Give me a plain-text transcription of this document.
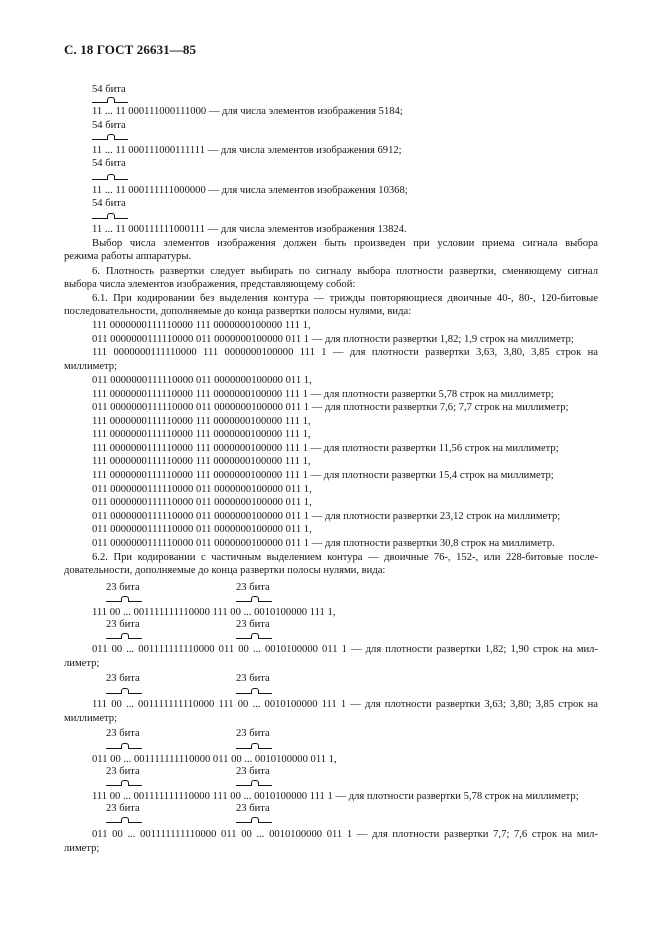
С. 18 ГОСТ 26631—85
54 бита
11 ... 11 000111000111000 — для числа элементов изображения 5184;
54 бита
11 ... 11 000111000111111 — для числа элементов изображения 6912;
54 бита
11 ... 11 000111111000000 — для числа элементов изображения 10368;
54 бита
11 ... 11 000111111000111 — для числа элементов изображения 13824.
Выбор числа элементов изображения должен быть произведен при условии приема сигнала выбора
режима работы аппаратуры.
6. Плотность развертки следует выбирать по сигналу выбора плотности развертки, сменяющему сигнал
выбора числа элементов изображения, представляющему собой:
6.1. При кодировании без выделения контура — трижды повторяющиеся двоичные 40-, 80-, 120-битовые
последовательности, дополняемые до конца развертки полосы нулями, вида:
111 0000000111110000 111 0000000100000 111 1,
011 0000000111110000 011 0000000100000 011 1 — для плотности развертки 1,82; 1,9 строк на миллиметр;
111 0000000111110000 111 0000000100000 111 1 — для плотности развертки 3,63, 3,80, 3,85 строк на
миллиметр;
011 0000000111110000 011 0000000100000 011 1,
111 0000000111110000 111 0000000100000 111 1 — для плотности развертки 5,78 строк на миллиметр;
011 0000000111110000 011 0000000100000 011 1 — для плотности развертки 7,6; 7,7 строк на миллиметр;
111 0000000111110000 111 0000000100000 111 1,
111 0000000111110000 111 0000000100000 111 1,
111 0000000111110000 111 0000000100000 111 1 — для плотности развертки 11,56 строк на миллиметр;
111 0000000111110000 111 0000000100000 111 1,
111 0000000111110000 111 0000000100000 111 1 — для плотности развертки 15,4 строк на миллиметр;
011 0000000111110000 011 0000000100000 011 1,
011 0000000111110000 011 0000000100000 011 1,
011 0000000111110000 011 0000000100000 011 1 — для плотности развертки 23,12 строк на миллиметр;
011 0000000111110000 011 0000000100000 011 1,
011 0000000111110000 011 0000000100000 011 1 — для плотности развертки 30,8 строк на миллиметр.
6.2. При кодировании с частичным выделением контура — двоичные 76-, 152-, или 228-битовые после-
довательности, дополняемые до конца развертки полосы нулями, вида:
23 бита	23 бита
111 00 ... 001111111110000 111 00 ... 0010100000 111 1,
23 бита	23 бита
011 00 ... 001111111110000 011 00 ... 0010100000 011 1 — для плотности развертки 1,82; 1,90 строк на мил-
лиметр;
23 бита	23 бита
111 00 ... 001111111110000 111 00 ... 0010100000 111 1 — для плотности развертки 3,63; 3,80; 3,85 строк на
миллиметр;
23 бита	23 бита
011 00 ... 001111111110000 011 00 ... 0010100000 011 1,
23 бита	23 бита
111 00 ... 001111111110000 111 00 ... 0010100000 111 1 — для плотности развертки 5,78 строк на миллиметр;
23 бита	23 бита
011 00 ... 001111111110000 011 00 ... 0010100000 011 1 — для плотности развертки 7,7; 7,6 строк на мил-
лиметр;
